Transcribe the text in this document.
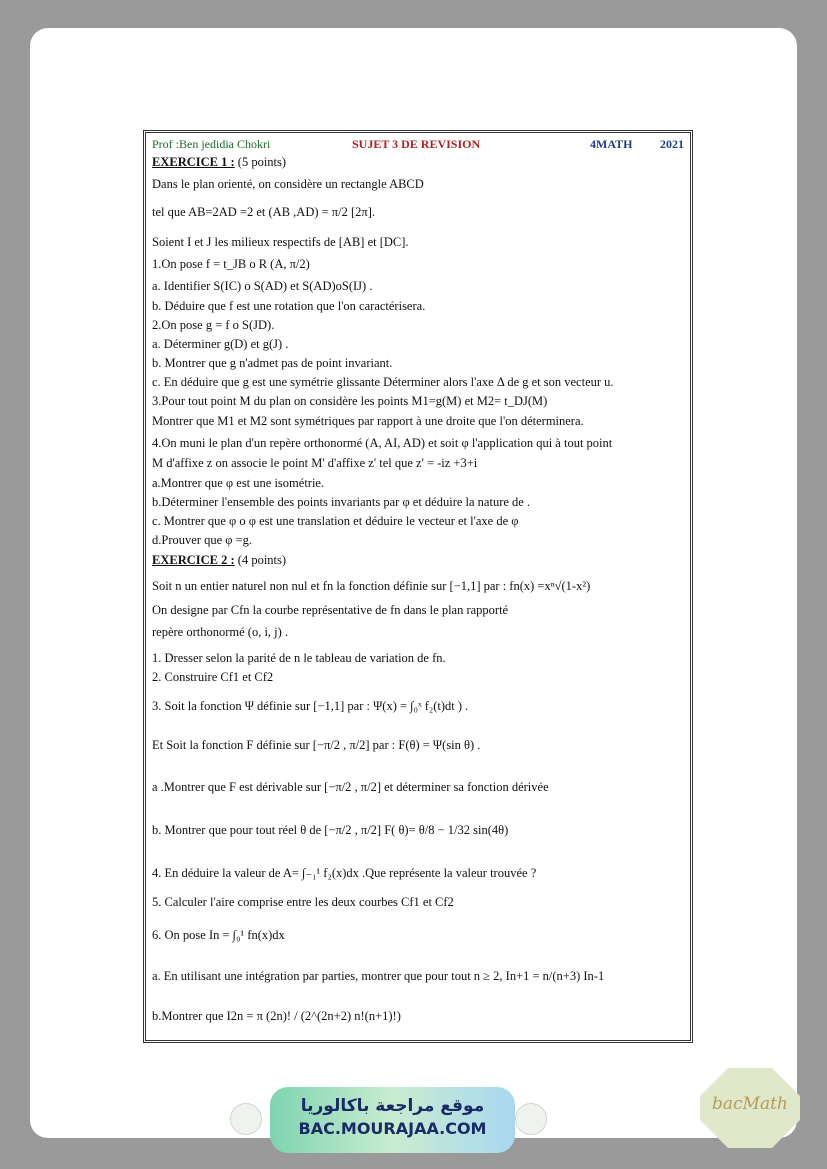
Prof :Ben jedidia Chokri	SUJET 3 DE REVISION	4MATH 2021
EXERCICE 1 : (5 points)
Dans le plan orienté, on considère un rectangle ABCD
tel que AB=2AD =2 et (AB ,AD) = π/2 [2π].
Soient I et J les milieux respectifs de [AB] et [DC].
1.On pose f = t_JB o R (A, π/2)
a. Identifier S(IC) o S(AD) et S(AD)oS(IJ) .
b. Déduire que f est une rotation que l'on caractérisera.
2.On pose g = f o S(JD).
a. Déterminer g(D) et g(J) .
b. Montrer que g n'admet pas de point invariant.
c. En déduire que g est une symétrie glissante Déterminer alors l'axe Δ de g et son vecteur u.
3.Pour tout point M du plan on considère les points M1=g(M) et M2= t_DJ(M)
Montrer que M1 et M2 sont symétriques par rapport à une droite que l'on déterminera.
4.On muni le plan d'un repère orthonormé (A, AI, AD) et soit φ l'application qui à tout point
M d'affixe z on associe le point M' d'affixe z' tel que z' = -iz +3+i
a.Montrer que φ est une isométrie.
b.Déterminer l'ensemble des points invariants par φ et déduire la nature de .
c. Montrer que φ o φ est une translation et déduire le vecteur et l'axe de φ
d.Prouver que φ =g.
EXERCICE 2 : (4 points)
Soit n un entier naturel non nul et fn la fonction définie sur [−1,1] par : fn(x) =xⁿ√(1-x²)
On designe par Cfn la courbe représentative de fn dans le plan rapporté
repère orthonormé (o, i, j) .
1. Dresser selon la parité de n le tableau de variation de fn.
2. Construire Cf1 et Cf2
3. Soit la fonction Ψ définie sur [−1,1] par : Ψ(x) = ∫₀ˣ f₂(t)dt ) .
Et Soit la fonction F définie sur [−π/2 , π/2] par : F(θ) = Ψ(sin θ) .
a .Montrer que F est dérivable sur [−π/2 , π/2] et déterminer sa fonction dérivée
b. Montrer que pour tout réel θ de [−π/2 , π/2] F( θ)= θ/8 − 1/32 sin(4θ)
4. En déduire la valeur de A= ∫₋₁¹ f₂(x)dx .Que représente la valeur trouvée ?
5. Calculer l'aire comprise entre les deux courbes Cf1 et Cf2
6. On pose In = ∫₀¹ fn(x)dx
a. En utilisant une intégration par parties, montrer que pour tout n ≥ 2, In+1 = n/(n+3) In-1
b.Montrer que I2n = π (2n)! / (2^(2n+2) n!(n+1)!)
موقع مراجعة باكالوريا
BAC.MOURAJAA.COM
bacMath
